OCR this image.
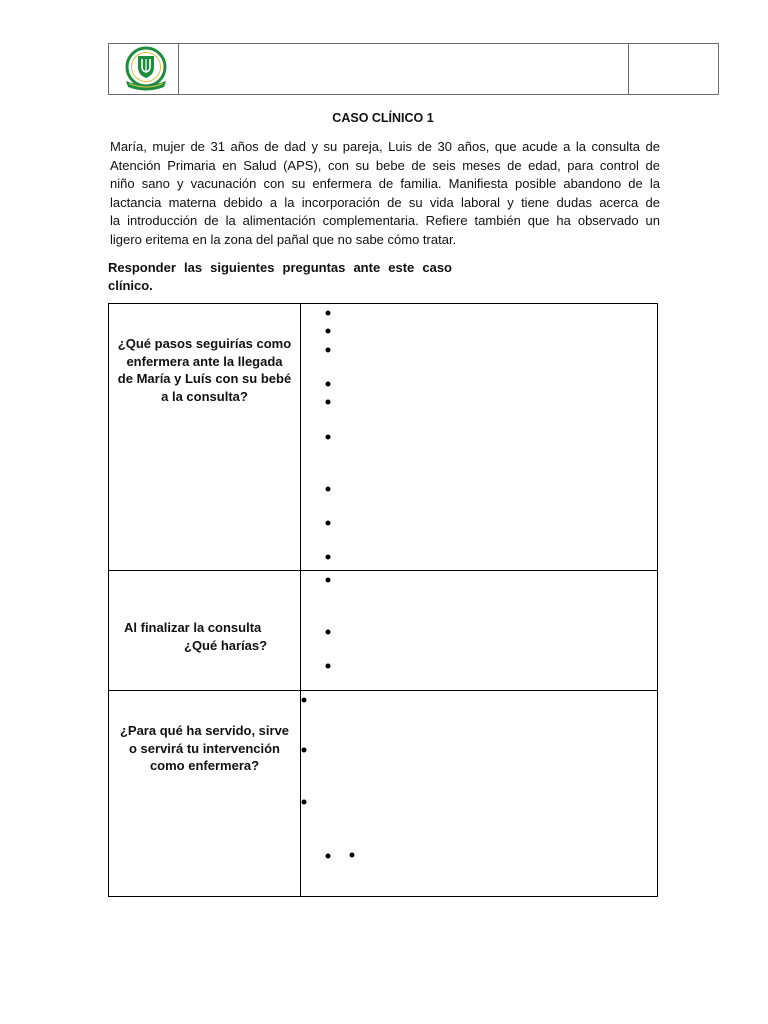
CASO CLÍNICO 1
María, mujer de 31 años de dad y su pareja, Luis de 30 años, que acude a la consulta de
Atención Primaria en Salud (APS), con su bebe de seis meses de edad, para control de
niño sano y vacunación con su enfermera de familia. Manifiesta posible abandono de la
lactancia materna debido a la incorporación de su vida laboral y tiene dudas acerca de
la introducción de la alimentación complementaria. Refiere también que ha observado un
ligero eritema en la zona del pañal que no sabe cómo tratar.
Responder las siguientes preguntas ante este caso
clínico.
¿Qué pasos seguirías como
enfermera ante la llegada
de María y Luís con su bebé
a la consulta?
Al finalizar la consulta
¿Qué harías?
¿Para qué ha servido, sirve
o servirá tu intervención
como enfermera?
